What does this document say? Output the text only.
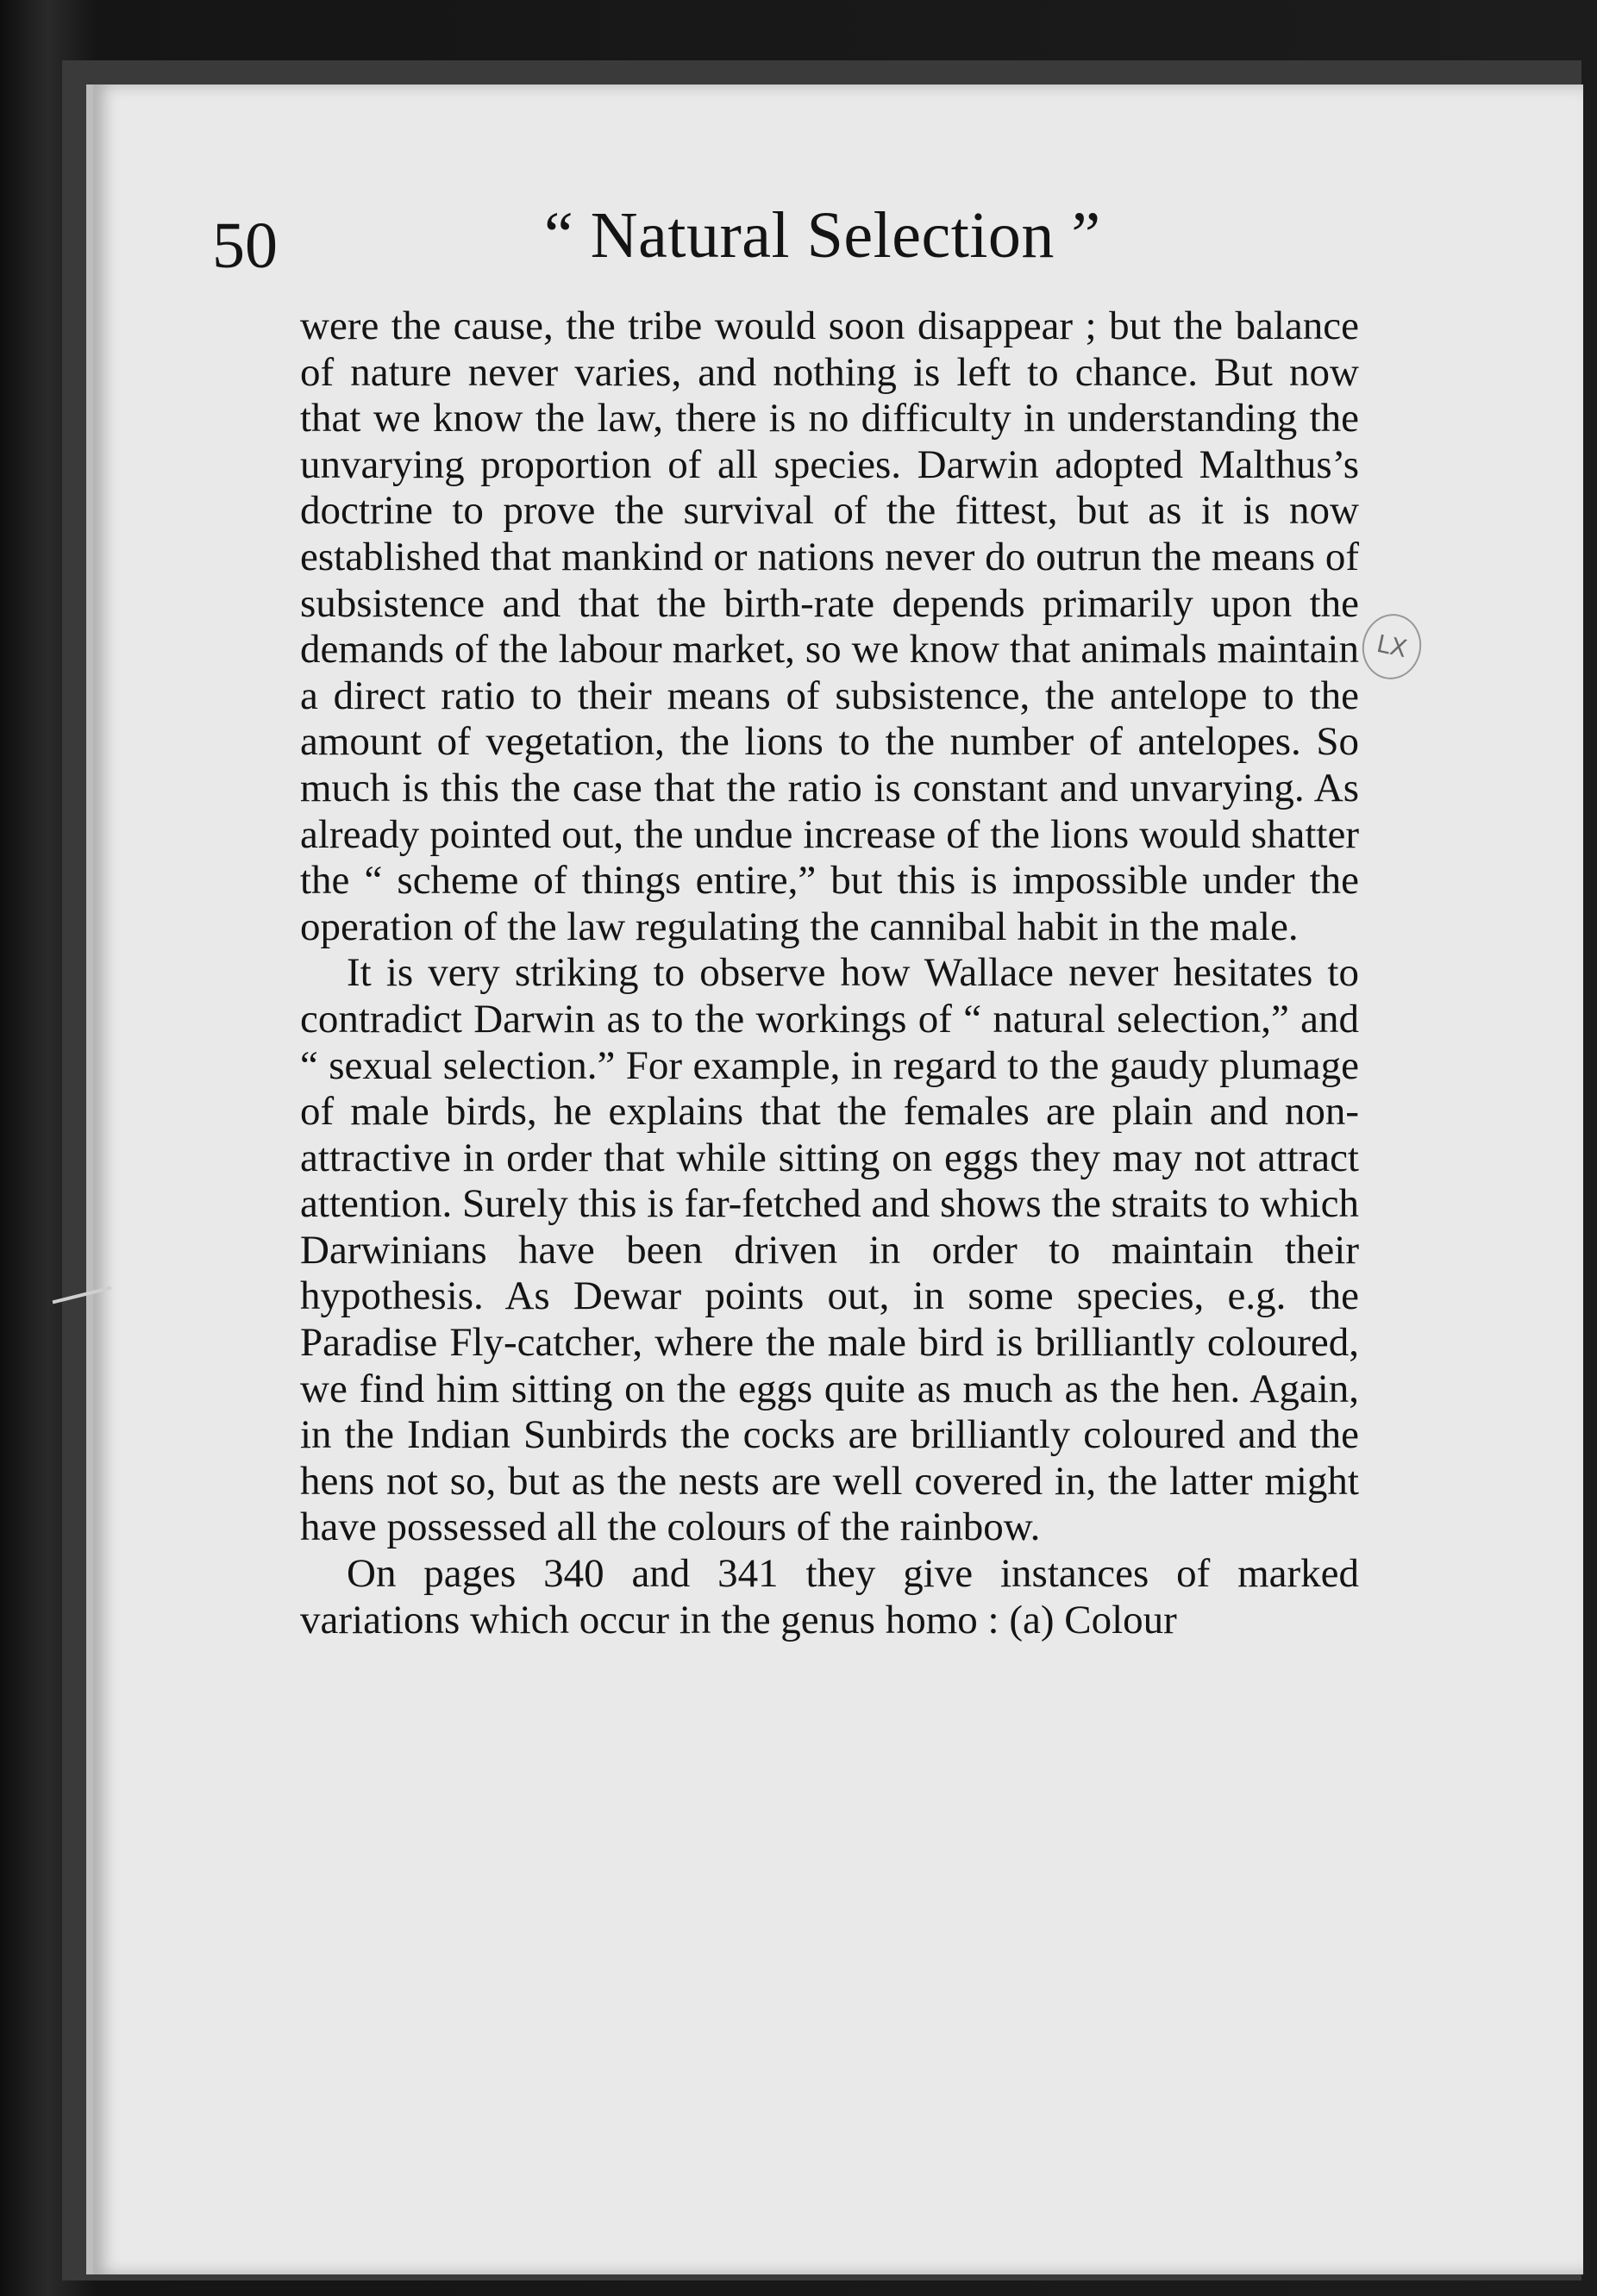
50	“ Natural Selection ”

were the cause, the tribe would soon disappear ; but the balance of nature never varies, and nothing is left to chance. But now that we know the law, there is no difficulty in understanding the unvarying proportion of all species. Darwin adopted Malthus’s doctrine to prove the survival of the fittest, but as it is now established that mankind or nations never do outrun the means of subsistence and that the birth-rate depends primarily upon the demands of the labour market, so we know that animals maintain a direct ratio to their means of subsistence, the antelope to the amount of vegetation, the lions to the number of antelopes. So much is this the case that the ratio is constant and unvarying. As already pointed out, the undue increase of the lions would shatter the “ scheme of things entire,” but this is impossible under the operation of the law regulating the cannibal habit in the male.

It is very striking to observe how Wallace never hesitates to contradict Darwin as to the workings of “ natural selection,” and “ sexual selection.” For example, in regard to the gaudy plumage of male birds, he explains that the females are plain and non-attractive in order that while sitting on eggs they may not attract attention. Surely this is far-fetched and shows the straits to which Darwinians have been driven in order to maintain their hypothesis. As Dewar points out, in some species, e.g. the Paradise Fly-catcher, where the male bird is brilliantly coloured, we find him sitting on the eggs quite as much as the hen. Again, in the Indian Sunbirds the cocks are brilliantly coloured and the hens not so, but as the nests are well covered in, the latter might have possessed all the colours of the rainbow.

On pages 340 and 341 they give instances of marked variations which occur in the genus homo : (a) Colour

LX
